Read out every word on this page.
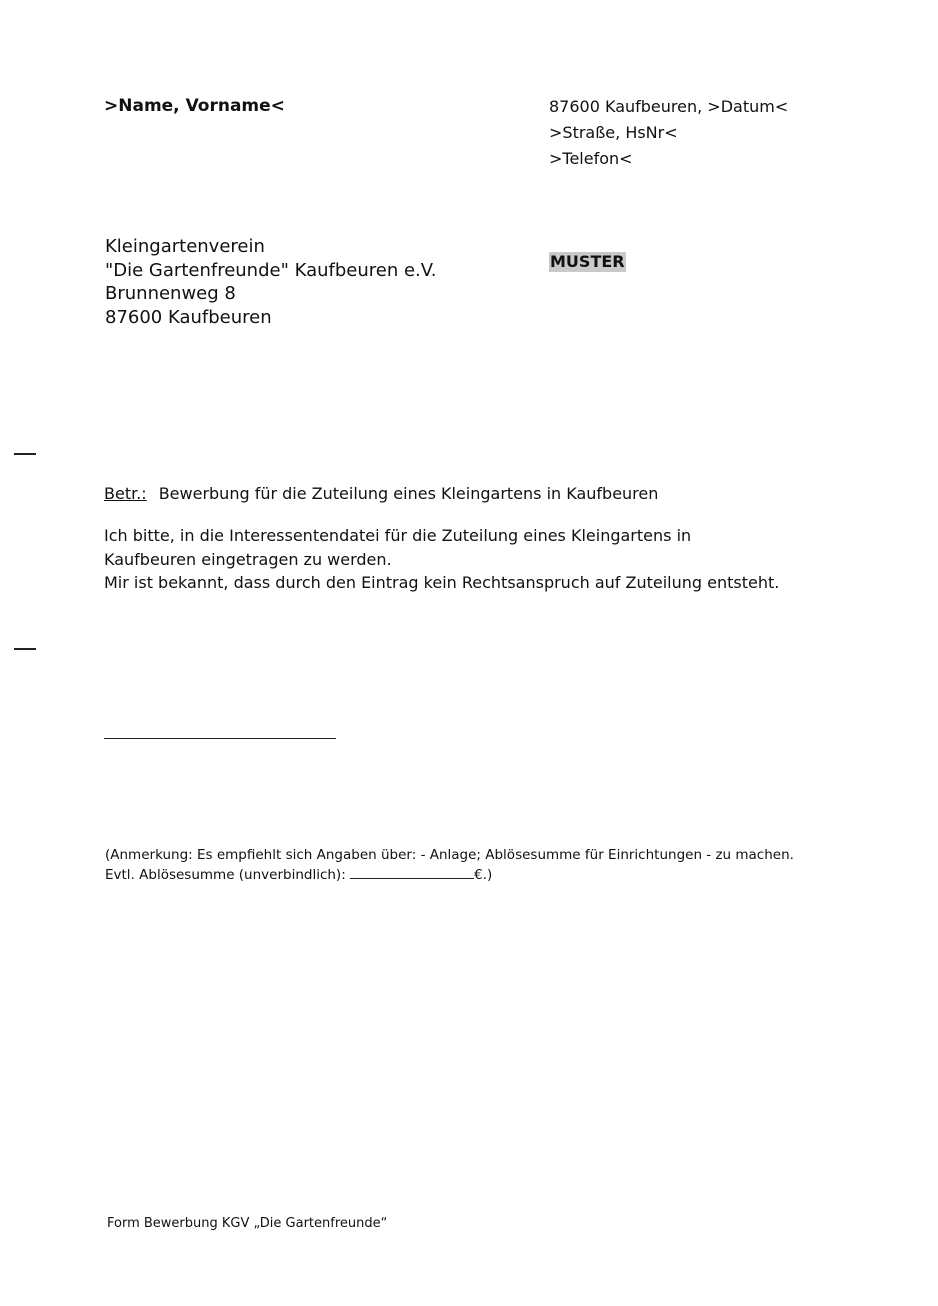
>Name, Vorname<	87600 Kaufbeuren, >Datum<
>Straße, HsNr<
>Telefon<
Kleingartenverein
"Die Gartenfreunde" Kaufbeuren e.V.
Brunnenweg 8
87600 Kaufbeuren
MUSTER
Betr.: Bewerbung für die Zuteilung eines Kleingartens in Kaufbeuren

Ich bitte, in die Interessentendatei für die Zuteilung eines Kleingartens in Kaufbeuren eingetragen zu werden.

Mir ist bekannt, dass durch den Eintrag kein Rechtsanspruch auf Zuteilung entsteht.

(Anmerkung: Es empfiehlt sich Angaben über: - Anlage; Ablösesumme für Einrichtungen - zu machen.

Evtl. Ablösesumme (unverbindlich):	€.)

Form Bewerbung KGV „Die Gartenfreunde“
